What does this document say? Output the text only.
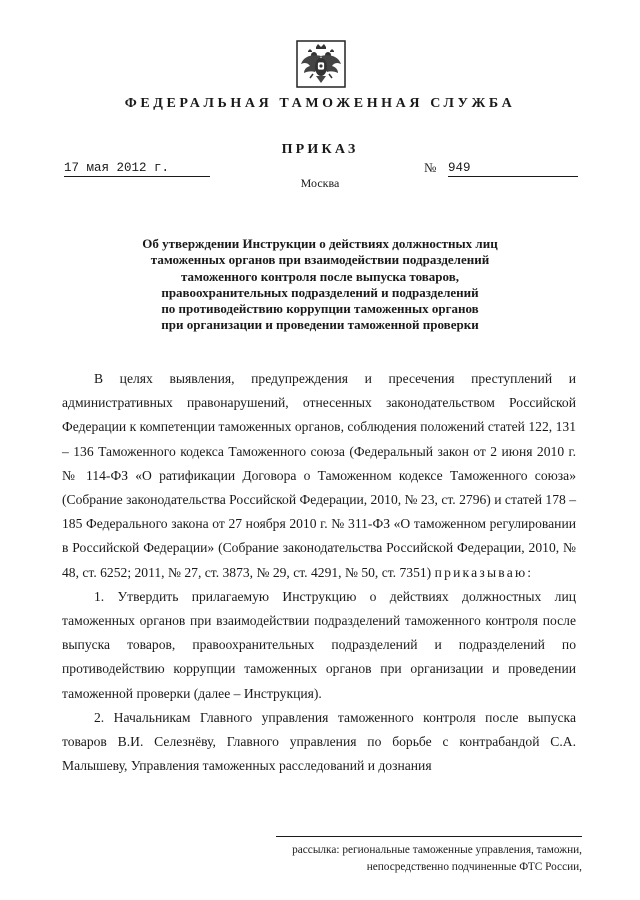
ФЕДЕРАЛЬНАЯ ТАМОЖЕННАЯ СЛУЖБА
ПРИКАЗ
17 мая 2012 г.	№ 949
Москва
Об утверждении Инструкции о действиях должностных лиц
таможенных органов при взаимодействии подразделений
таможенного контроля после выпуска товаров,
правоохранительных подразделений и подразделений
по противодействию коррупции таможенных органов
при организации и проведении таможенной проверки

В целях выявления, предупреждения и пресечения преступлений и административных правонарушений, отнесенных законодательством Российской Федерации к компетенции таможенных органов, соблюдения положений статей 122, 131 – 136 Таможенного кодекса Таможенного союза (Федеральный закон от 2 июня 2010 г. № 114-ФЗ «О ратификации Договора о Таможенном кодексе Таможенного союза» (Собрание законодательства Российской Федерации, 2010, № 23, ст. 2796) и статей 178 – 185 Федерального закона от 27 ноября 2010 г. № 311-ФЗ «О таможенном регулировании в Российской Федерации» (Собрание законодательства Российской Федерации, 2010, № 48, ст. 6252; 2011, № 27, ст. 3873, № 29, ст. 4291, № 50, ст. 7351) приказываю:

1. Утвердить прилагаемую Инструкцию о действиях должностных лиц таможенных органов при взаимодействии подразделений таможенного контроля после выпуска товаров, правоохранительных подразделений и подразделений по противодействию коррупции таможенных органов при организации и проведении таможенной проверки (далее – Инструкция).

2. Начальникам Главного управления таможенного контроля после выпуска товаров В.И. Селезнёву, Главного управления по борьбе с контрабандой С.А. Малышеву, Управления таможенных расследований и дознания

рассылка: региональные таможенные управления, таможни,
непосредственно подчиненные ФТС России,
